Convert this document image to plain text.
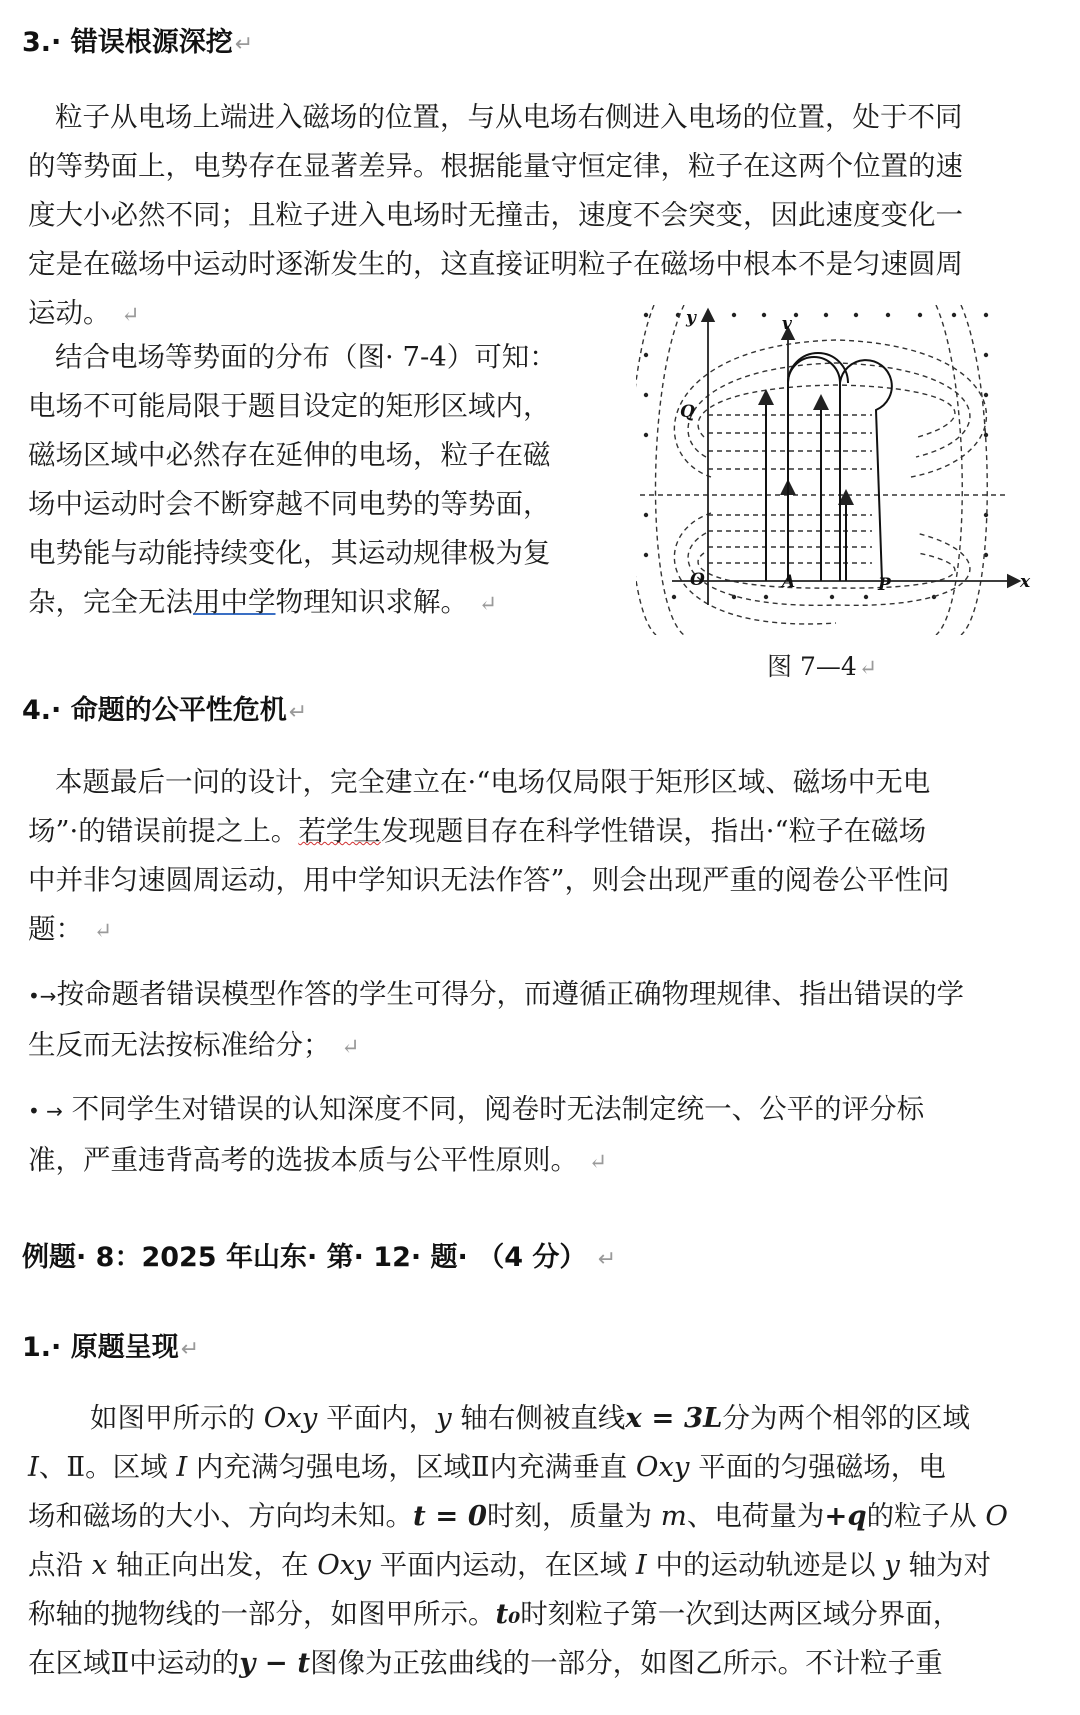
3.· 错误根源深挖↵
粒子从电场上端进入磁场的位置，与从电场右侧进入电场的位置，处于不同
的等势面上，电势存在显著差异。根据能量守恒定律，粒子在这两个位置的速
度大小必然不同；且粒子进入电场时无撞击，速度不会突变，因此速度变化一
定是在磁场中运动时逐渐发生的，这直接证明粒子在磁场中根本不是匀速圆周
运动。 ↵
结合电场等势面的分布（图· 7-4）可知：
电场不可能局限于题目设定的矩形区域内，
磁场区域中必然存在延伸的电场，粒子在磁
场中运动时会不断穿越不同电势的等势面，
电势能与动能持续变化，其运动规律极为复
杂，完全无法用中学物理知识求解。 ↵
y	v
Q
O	A	P	x
图 7—4↵
4.· 命题的公平性危机↵
本题最后一问的设计，完全建立在·“电场仅局限于矩形区域、磁场中无电
场”·的错误前提之上。若学生发现题目存在科学性错误，指出·“粒子在磁场
中并非匀速圆周运动，用中学知识无法作答”，则会出现严重的阅卷公平性问
题： ↵
•→按命题者错误模型作答的学生可得分，而遵循正确物理规律、指出错误的学
生反而无法按标准给分； ↵
• → 不同学生对错误的认知深度不同，阅卷时无法制定统一、公平的评分标
准，严重违背高考的选拔本质与公平性原则。 ↵
例题· 8：2025 年山东· 第· 12· 题· （4 分） ↵
1.· 原题呈现↵
如图甲所示的 Oxy 平面内，y 轴右侧被直线x = 3L分为两个相邻的区域
I、Ⅱ。区域 I 内充满匀强电场，区域Ⅱ内充满垂直 Oxy 平面的匀强磁场，电
场和磁场的大小、方向均未知。t = 0时刻，质量为 m、电荷量为+q的粒子从 O
点沿 x 轴正向出发，在 Oxy 平面内运动，在区域 I 中的运动轨迹是以 y 轴为对
称轴的抛物线的一部分，如图甲所示。t₀时刻粒子第一次到达两区域分界面，
在区域Ⅱ中运动的y − t图像为正弦曲线的一部分，如图乙所示。不计粒子重
